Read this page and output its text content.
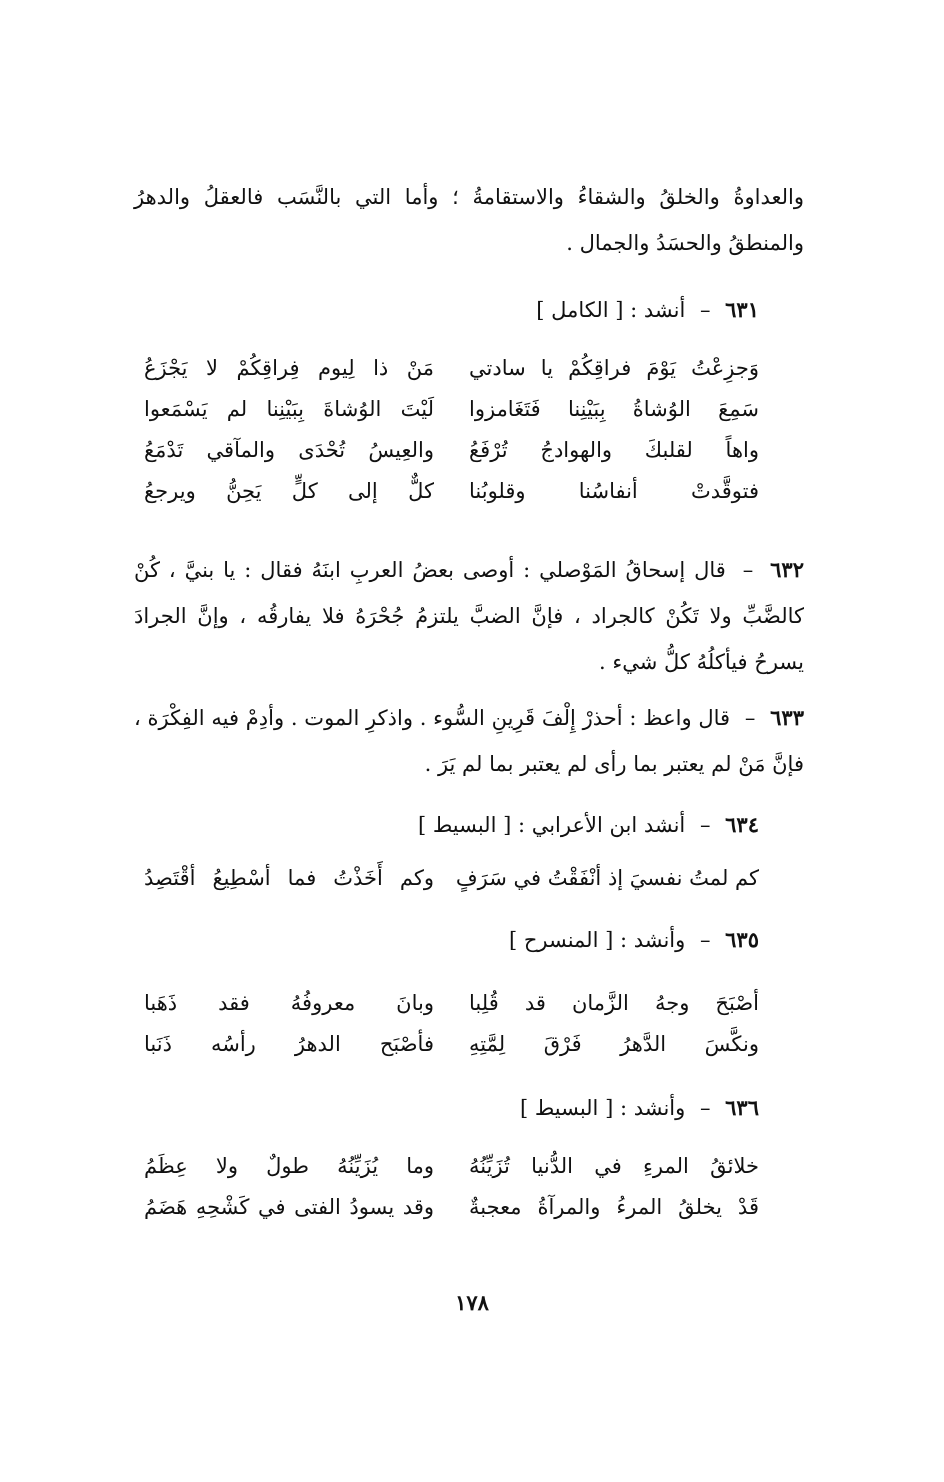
والعداوةُ والخلقُ والشقاءُ والاستقامةُ ؛ وأما التي بالنَّسَب فالعقلُ والدهرُ والمنطقُ والحسَدُ والجمال .
٦٣١ – أنشد : [ الكامل ]
وَجزِعْتُ يَوْمَ فراقِكُمْ يا سادتي
مَنْ ذا لِيوم فِراقِكُمْ لا يَجْزَعُ
سَمِعَ الوُشاةُ بِبَيْنِنا فَتَغَامزوا
لَيْتَ الوُشاةَ بِبَيْنِنا لم يَسْمَعوا
واهاً لقلبكَ والهوادجُ تُرْفَعُ
والعِيسُ تُحْدَى والمآقي تَدْمَعُ
فتوقَّدتْ أنفاسُنا وقلوبُنا
كلٌّ إلى كلٍّ يَحِنُّ ويرجعُ
٦٣٢ – قال إسحاقُ المَوْصلي : أوصى بعضُ العربِ ابنَهُ فقال : يا بنيَّ ، كُنْ كالضَّبِّ ولا تَكُنْ كالجراد ، فإنَّ الضبَّ يلتزمُ جُحْرَهُ فلا يفارقُه ، وإنَّ الجرادَ يسرحُ فيأكلُهُ كلُّ شيء .
٦٣٣ – قال واعظ : أحذرْ إِلْفَ قَرِينِ السُّوء . واذكرِ الموت . وأدِمْ فيه الفِكْرَة ، فإنَّ مَنْ لم يعتبر بما رأى لم يعتبر بما لم يَرَ .
٦٣٤ – أنشد ابن الأعرابي : [ البسيط ]
كم لمتُ نفسيَ إذ أنْفَقْتُ في سَرَفٍ
وكم أَخَذْتُ فما أسْطِيعُ أقْتَصِدُ
٦٣٥ – وأنشد : [ المنسرح ]
أصْبَحَ وجهُ الزَّمان قد قُلِبا
وبانَ معروفُهُ فقد ذَهَبا
ونكَّسَ الدَّهرُ فَرْقَ لِمَّتِهِ
فأصْبَح الدهرُ رأسُه ذَنَبا
٦٣٦ – وأنشد : [ البسيط ]
خلائقُ المرءِ في الدُّنيا تُزَيِّنُهُ
وما يُزَيِّنُهُ طولٌ ولا عِظَمُ
قَدْ يخلقُ المرءُ والمرآةُ معجبةٌ
وقد يسودُ الفتى في كَشْحِهِ هَضَمُ
١٧٨
